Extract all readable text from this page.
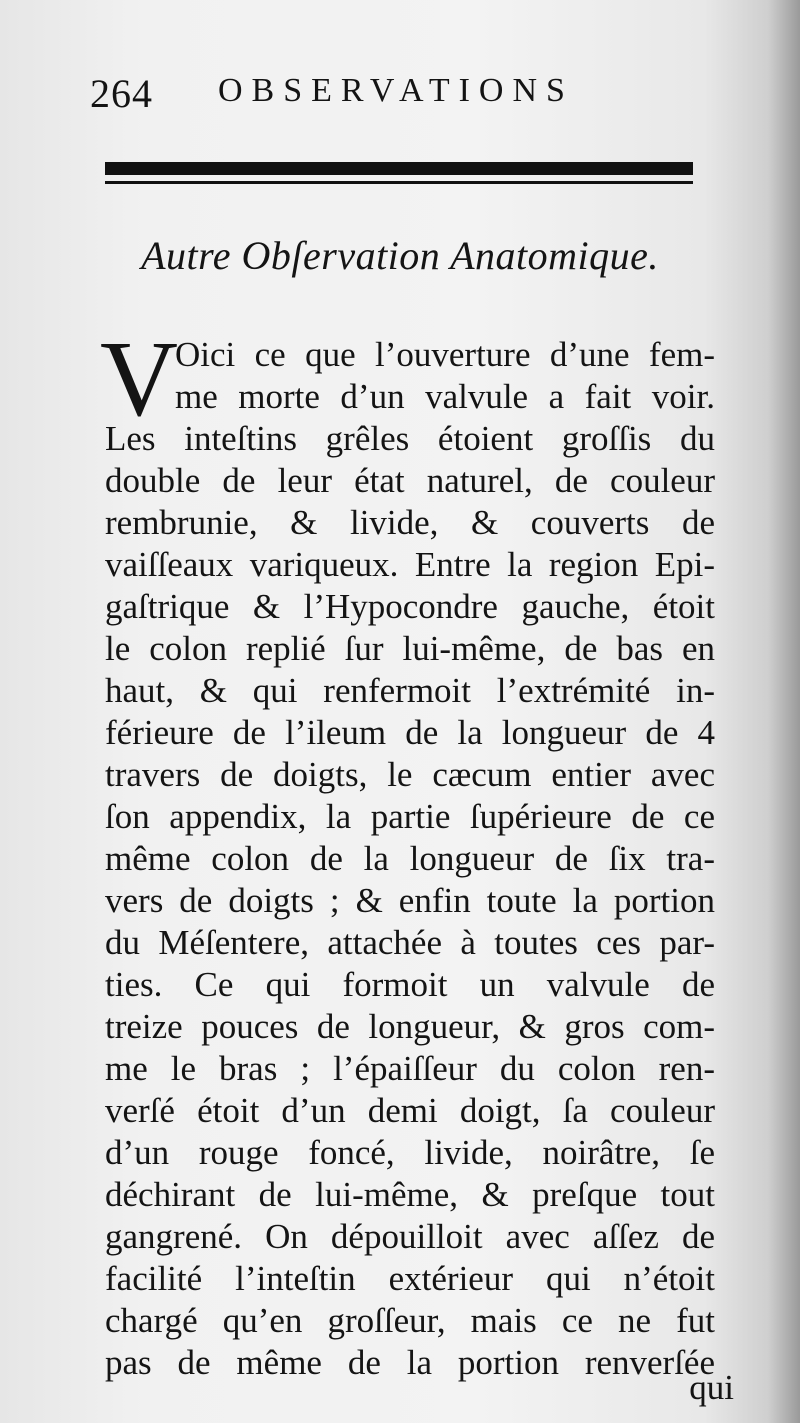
264 OBSERVATIONS
Autre Obſervation Anatomique.
V

Oici ce que l’ouverture d’une fem-

me morte d’un valvule a fait voir.

Les inteſtins grêles étoient groſſis du

double de leur état naturel, de couleur

rembrunie, & livide, & couverts de

vaiſſeaux variqueux. Entre la region Epi-

gaſtrique & l’Hypocondre gauche, étoit

le colon replié ſur lui-même, de bas en

haut, & qui renfermoit l’extrémité in-

férieure de l’ileum de la longueur de 4

travers de doigts, le cæcum entier avec

ſon appendix, la partie ſupérieure de ce

même colon de la longueur de ſix tra-

vers de doigts ; & enfin toute la portion

du Méſentere, attachée à toutes ces par-

ties. Ce qui formoit un valvule de

treize pouces de longueur, & gros com-

me le bras ; l’épaiſſeur du colon ren-

verſé étoit d’un demi doigt, ſa couleur

d’un rouge foncé, livide, noirâtre, ſe

déchirant de lui-même, & preſque tout

gangrené. On dépouilloit avec aſſez de

facilité l’inteſtin extérieur qui n’étoit

chargé qu’en groſſeur, mais ce ne fut

pas de même de la portion renverſée

qui
